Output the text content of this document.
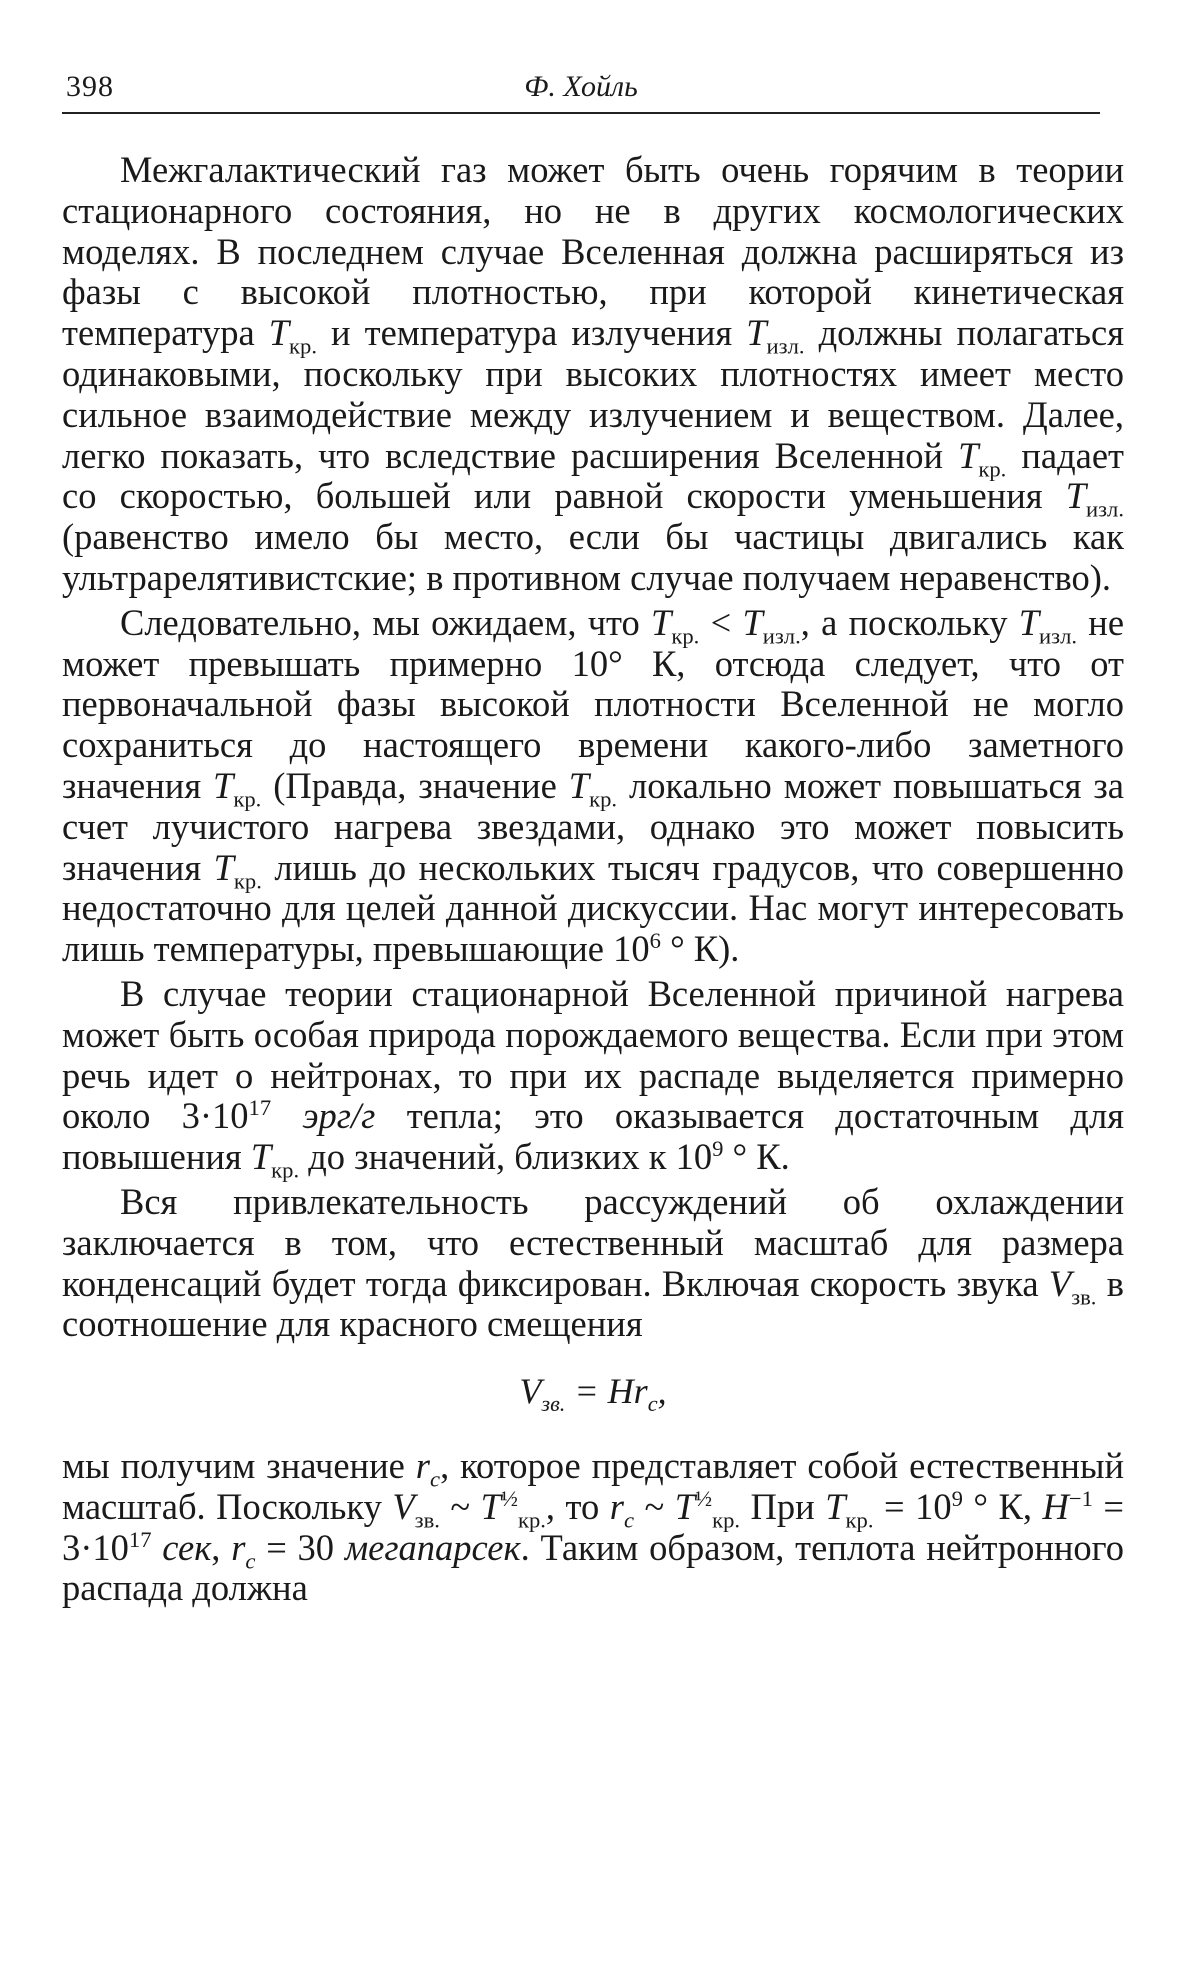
398	Ф. Хойль

Межгалактический газ может быть очень горячим в теории стационарного состояния, но не в других космологических моделях. В последнем случае Вселенная должна расширяться из фазы с высокой плотностью, при которой кинетическая температура $T_{кр.}$ и температура излучения $T_{изл.}$ должны полагаться одинаковыми, поскольку при высоких плотностях имеет место сильное взаимодействие между излучением и веществом. Далее, легко показать, что вследствие расширения Вселенной $T_{кр.}$ падает со скоростью, большей или равной скорости уменьшения $T_{изл.}$ (равенство имело бы место, если бы частицы двигались как ультрарелятивистские; в противном случае получаем неравенство).

Следовательно, мы ожидаем, что $T_{кр.} < T_{изл.}$, а поскольку $T_{изл.}$ не может превышать примерно 10° К, отсюда следует, что от первоначальной фазы высокой плотности Вселенной не могло сохраниться до настоящего времени какого-либо заметного значения $T_{кр.}$ (Правда, значение $T_{кр.}$ локально может повышаться за счет лучистого нагрева звездами, однако это может повысить значения $T_{кр.}$ лишь до нескольких тысяч градусов, что совершенно недостаточно для целей данной дискуссии. Нас могут интересовать лишь температуры, превышающие $10^6$ ° К).

В случае теории стационарной Вселенной причиной нагрева может быть особая природа порождаемого вещества. Если при этом речь идет о нейтронах, то при их распаде выделяется примерно около $3\cdot 10^{17}$ эрг/г тепла; это оказывается достаточным для повышения $T_{кр.}$ до значений, близких к $10^9$ ° К.

Вся привлекательность рассуждений об охлаждении заключается в том, что естественный масштаб для размера конденсаций будет тогда фиксирован. Включая скорость звука $V_{зв.}$ в соотношение для красного смещения

$V_{зв.} = Hr_c$,

мы получим значение $r_c$, которое представляет собой естественный масштаб. Поскольку $V_{зв.}$ ~ $T^{\frac{1}{2}}_{кр.}$, то $r_c$ ~ $T^{\frac{1}{2}}_{кр.}$ При $T_{кр.} = 10^9$ ° К, $H^{-1} = 3\cdot 10^{17}$ сек, $r_c = 30$ мегапарсек. Таким образом, теплота нейтронного распада должна
